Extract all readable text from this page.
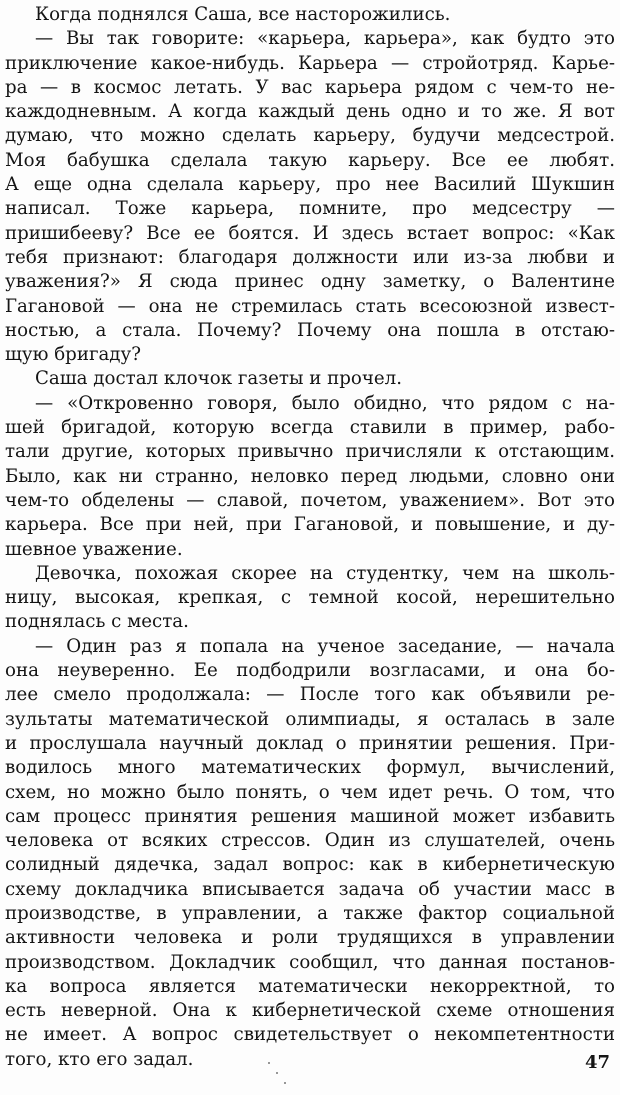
Когда поднялся Саша, все насторожились.
— Вы так говорите: «карьера, карьера», как будто это
приключение какое-нибудь. Карьера — стройотряд. Карье-
ра — в космос летать. У вас карьера рядом с чем-то не-
каждодневным. А когда каждый день одно и то же. Я вот
думаю, что можно сделать карьеру, будучи медсестрой.
Моя бабушка сделала такую карьеру. Все ее любят.
А еще одна сделала карьеру, про нее Василий Шукшин
написал. Тоже карьера, помните, про медсестру —
пришибееву? Все ее боятся. И здесь встает вопрос: «Как
тебя признают: благодаря должности или из-за любви и
уважения?» Я сюда принес одну заметку, о Валентине
Гагановой — она не стремилась стать всесоюзной извест-
ностью, а стала. Почему? Почему она пошла в отстаю-
щую бригаду?
Саша достал клочок газеты и прочел.
— «Откровенно говоря, было обидно, что рядом с на-
шей бригадой, которую всегда ставили в пример, рабо-
тали другие, которых привычно причисляли к отстающим.
Было, как ни странно, неловко перед людьми, словно они
чем-то обделены — славой, почетом, уважением». Вот это
карьера. Все при ней, при Гагановой, и повышение, и ду-
шевное уважение.
Девочка, похожая скорее на студентку, чем на школь-
ницу, высокая, крепкая, с темной косой, нерешительно
поднялась с места.
— Один раз я попала на ученое заседание, — начала
она неуверенно. Ее подбодрили возгласами, и она бо-
лее смело продолжала: — После того как объявили ре-
зультаты математической олимпиады, я осталась в зале
и прослушала научный доклад о принятии решения. При-
водилось много математических формул, вычислений,
схем, но можно было понять, о чем идет речь. О том, что
сам процесс принятия решения машиной может избавить
человека от всяких стрессов. Один из слушателей, очень
солидный дядечка, задал вопрос: как в кибернетическую
схему докладчика вписывается задача об участии масс в
производстве, в управлении, а также фактор социальной
активности человека и роли трудящихся в управлении
производством. Докладчик сообщил, что данная постанов-
ка вопроса является математически некорректной, то
есть неверной. Она к кибернетической схеме отношения
не имеет. А вопрос свидетельствует о некомпетентности
того, кто его задал.	47
